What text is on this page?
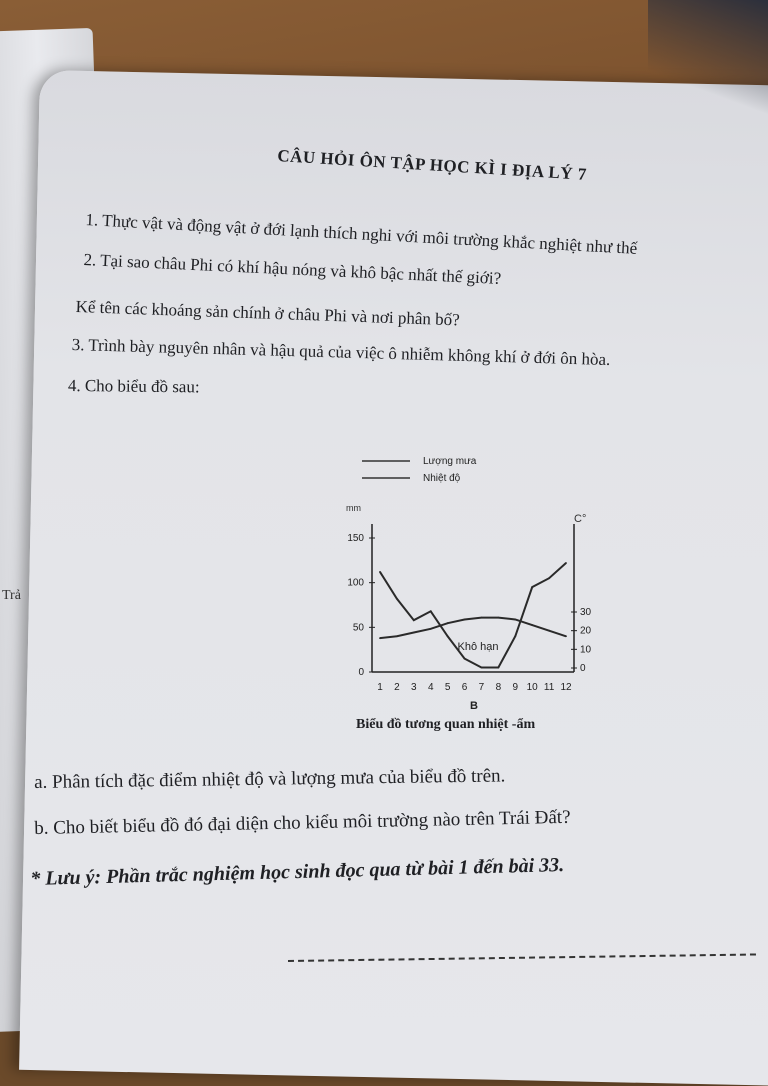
CÂU HỎI ÔN TẬP HỌC KÌ I ĐỊA LÝ 7
1. Thực vật và động vật ở đới lạnh thích nghi với môi trường khắc nghiệt như thế
2. Tại sao châu Phi có khí hậu nóng và khô bậc nhất thế giới?
Kể tên các khoáng sản chính ở châu Phi và nơi phân bố?
3. Trình bày nguyên nhân và hậu quả của việc ô nhiễm không khí ở đới ôn hòa.
4. Cho biểu đồ sau:
Trả
Lượng mưa
Nhiệt độ
mm
C°
0
50
100
150
0
10
20
30
1 2 3 4 5 6 7 8 9 10 11 12
B
Khô hạn
Biểu đồ tương quan nhiệt -ẩm
a. Phân tích đặc điểm nhiệt độ và lượng mưa của biểu đồ trên.
b. Cho biết biểu đồ đó đại diện cho kiểu môi trường nào trên Trái Đất?
* Lưu ý: Phần trắc nghiệm học sinh đọc qua từ bài 1 đến bài 33.
